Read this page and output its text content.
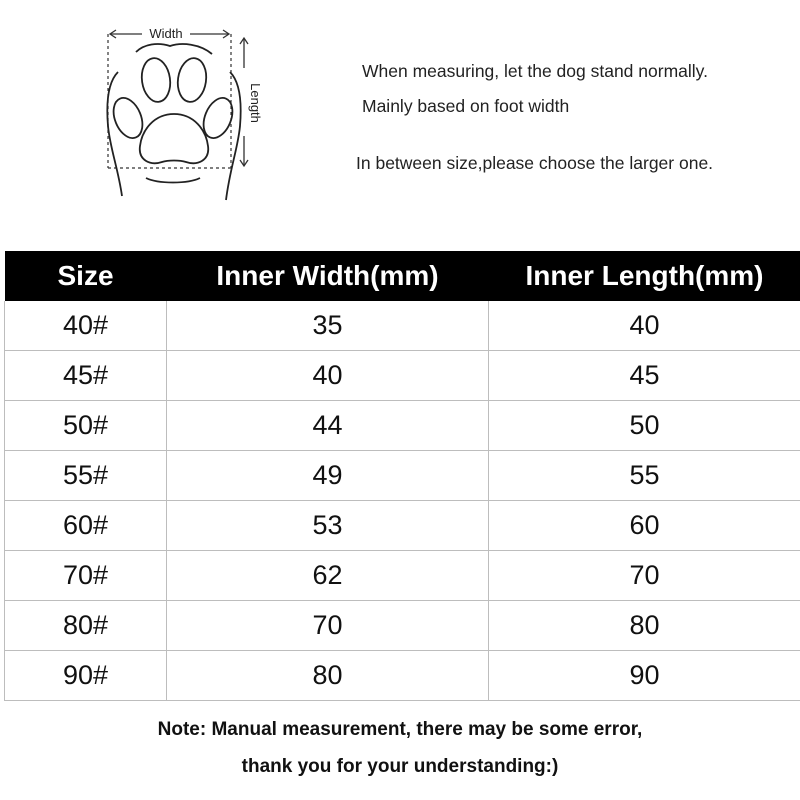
Width
Length
When measuring, let the dog stand normally.
Mainly based on foot width
In between size,please choose the larger one.
Size	Inner Width(mm)	Inner Length(mm)
40#	35	40
45#	40	45
50#	44	50
55#	49	55
60#	53	60
70#	62	70
80#	70	80
90#	80	90
Note: Manual measurement, there may be some error,
thank you for your understanding:)
